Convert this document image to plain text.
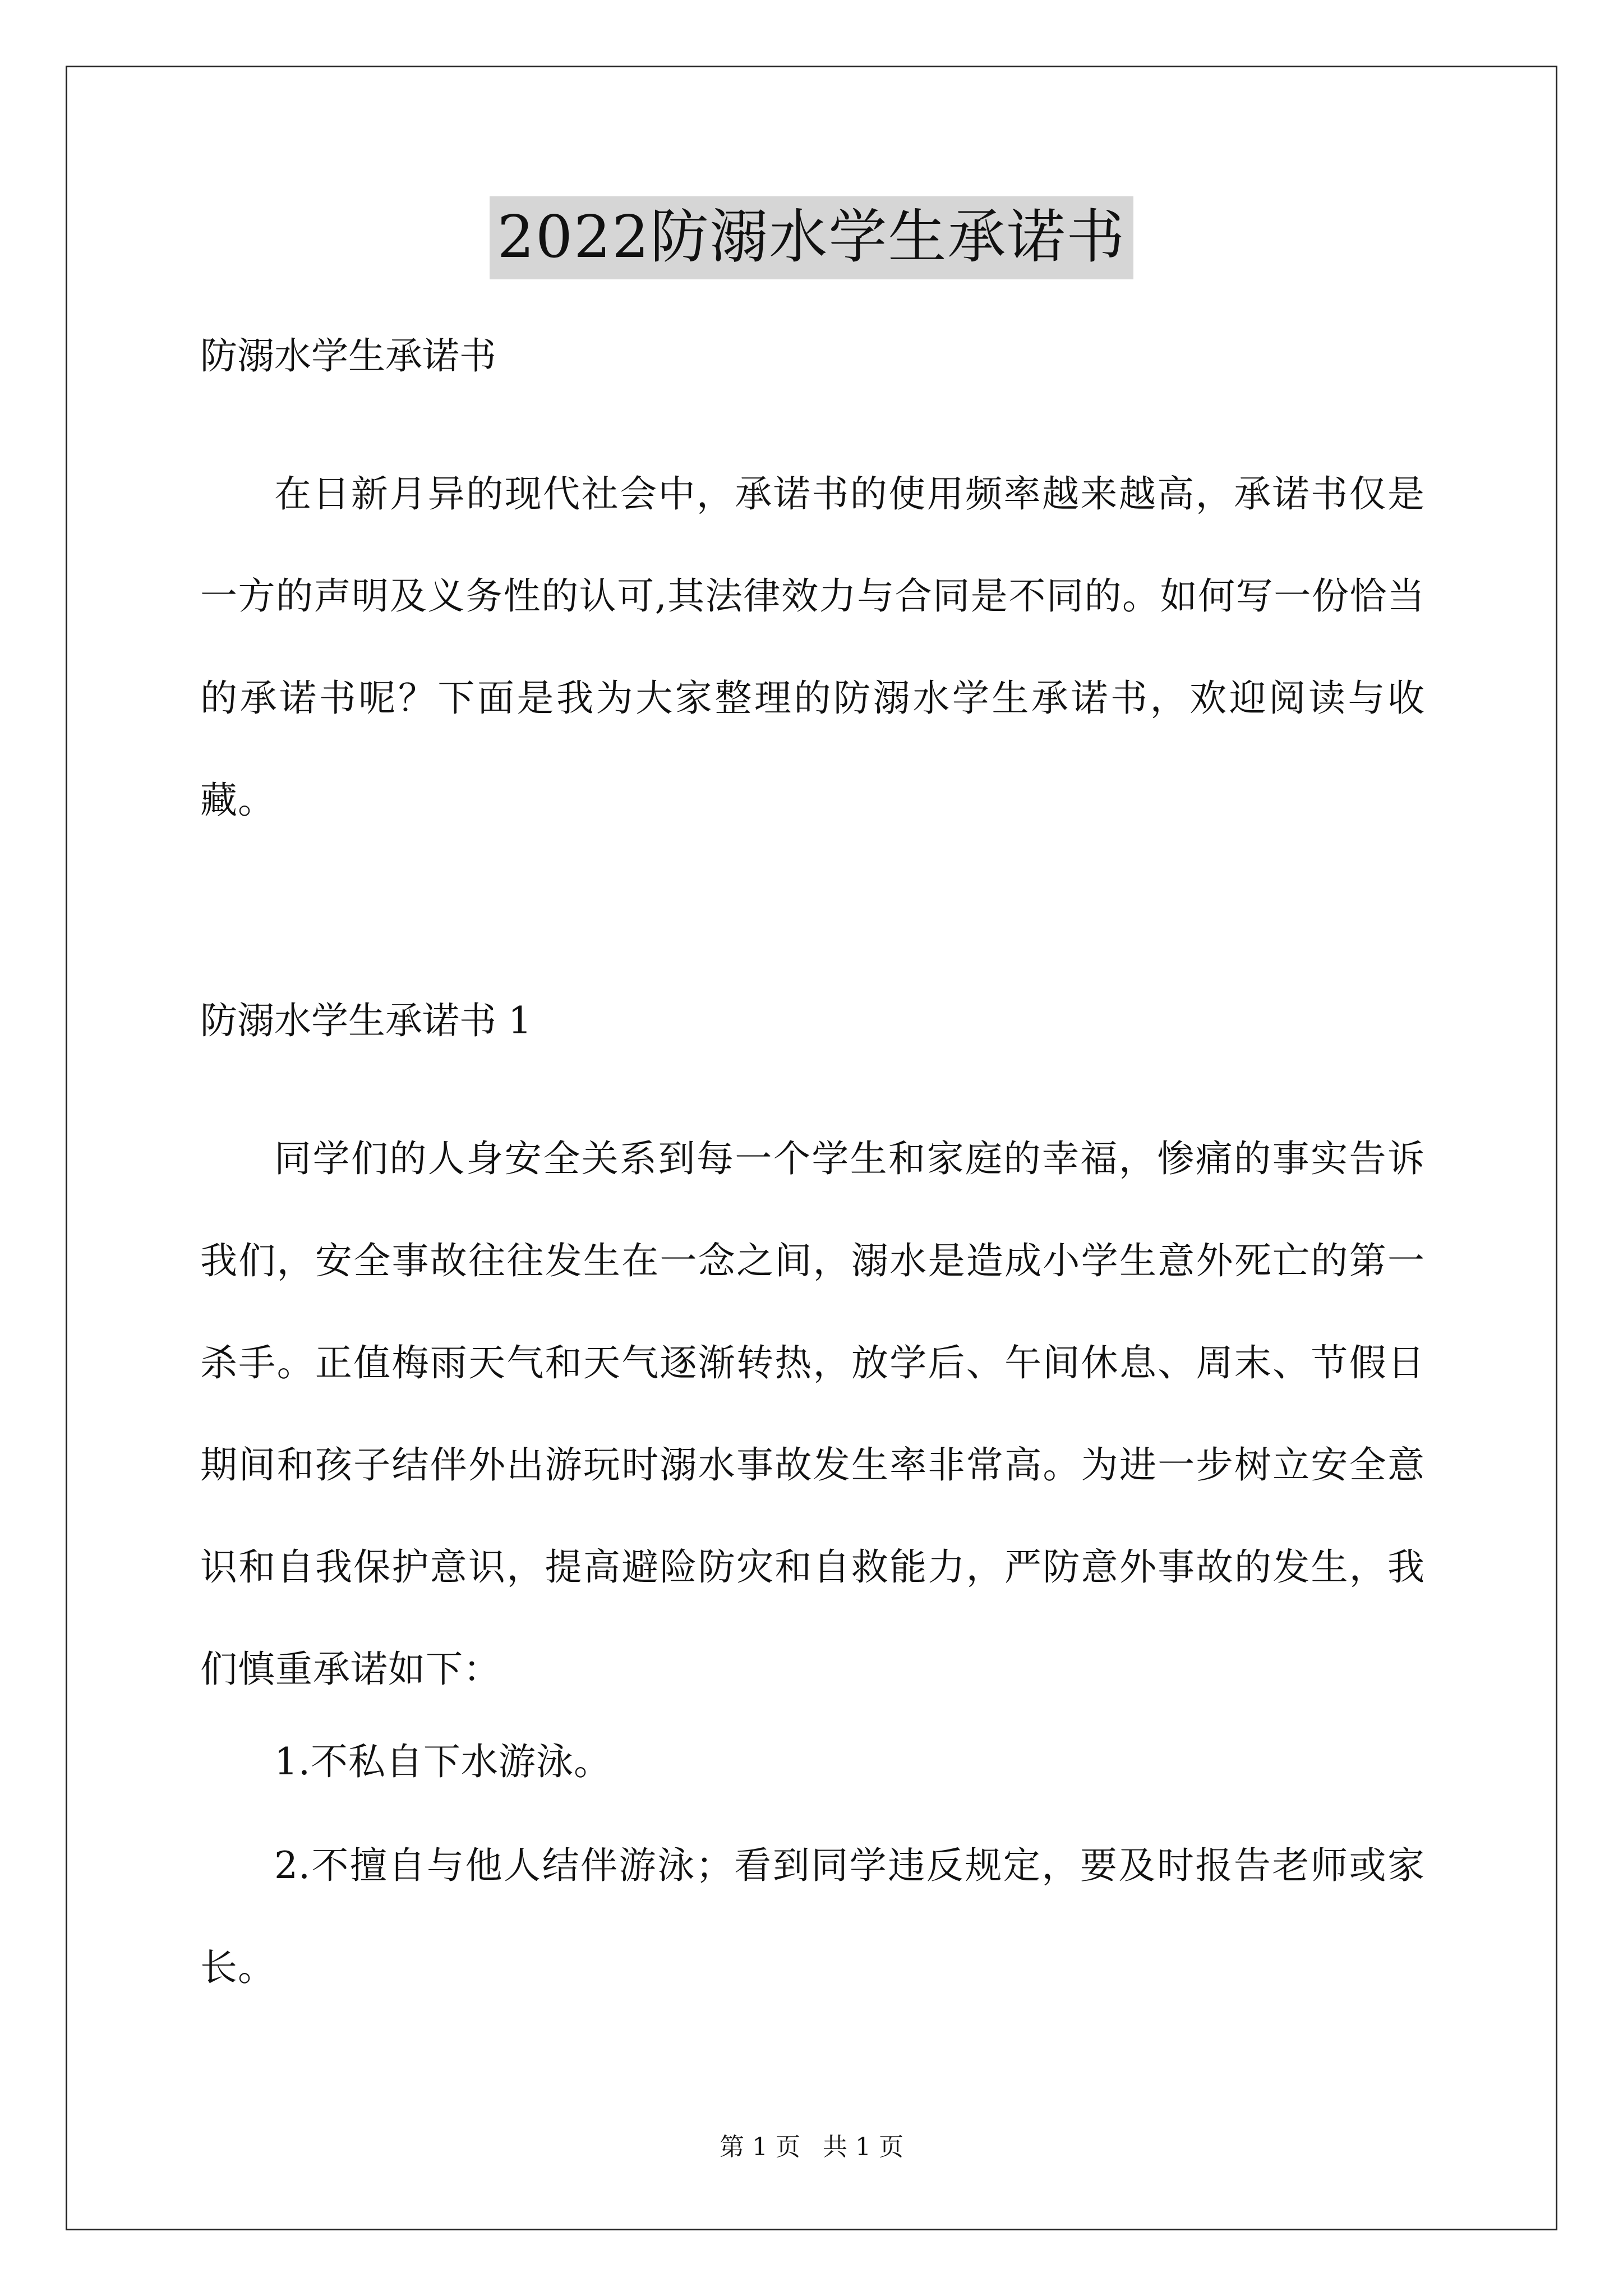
2022防溺水学生承诺书
防溺水学生承诺书
在日新月异的现代社会中，承诺书的使用频率越来越高，承诺书仅是一方的声明及义务性的认可,其法律效力与合同是不同的。如何写一份恰当的承诺书呢？下面是我为大家整理的防溺水学生承诺书，欢迎阅读与收藏。
防溺水学生承诺书 1
同学们的人身安全关系到每一个学生和家庭的幸福，惨痛的事实告诉我们，安全事故往往发生在一念之间，溺水是造成小学生意外死亡的第一杀手。正值梅雨天气和天气逐渐转热，放学后、午间休息、周末、节假日期间和孩子结伴外出游玩时溺水事故发生率非常高。为进一步树立安全意识和自我保护意识，提高避险防灾和自救能力，严防意外事故的发生，我们慎重承诺如下：
1.不私自下水游泳。
2.不擅自与他人结伴游泳；看到同学违反规定，要及时报告老师或家长。
第 1 页 共 1 页
